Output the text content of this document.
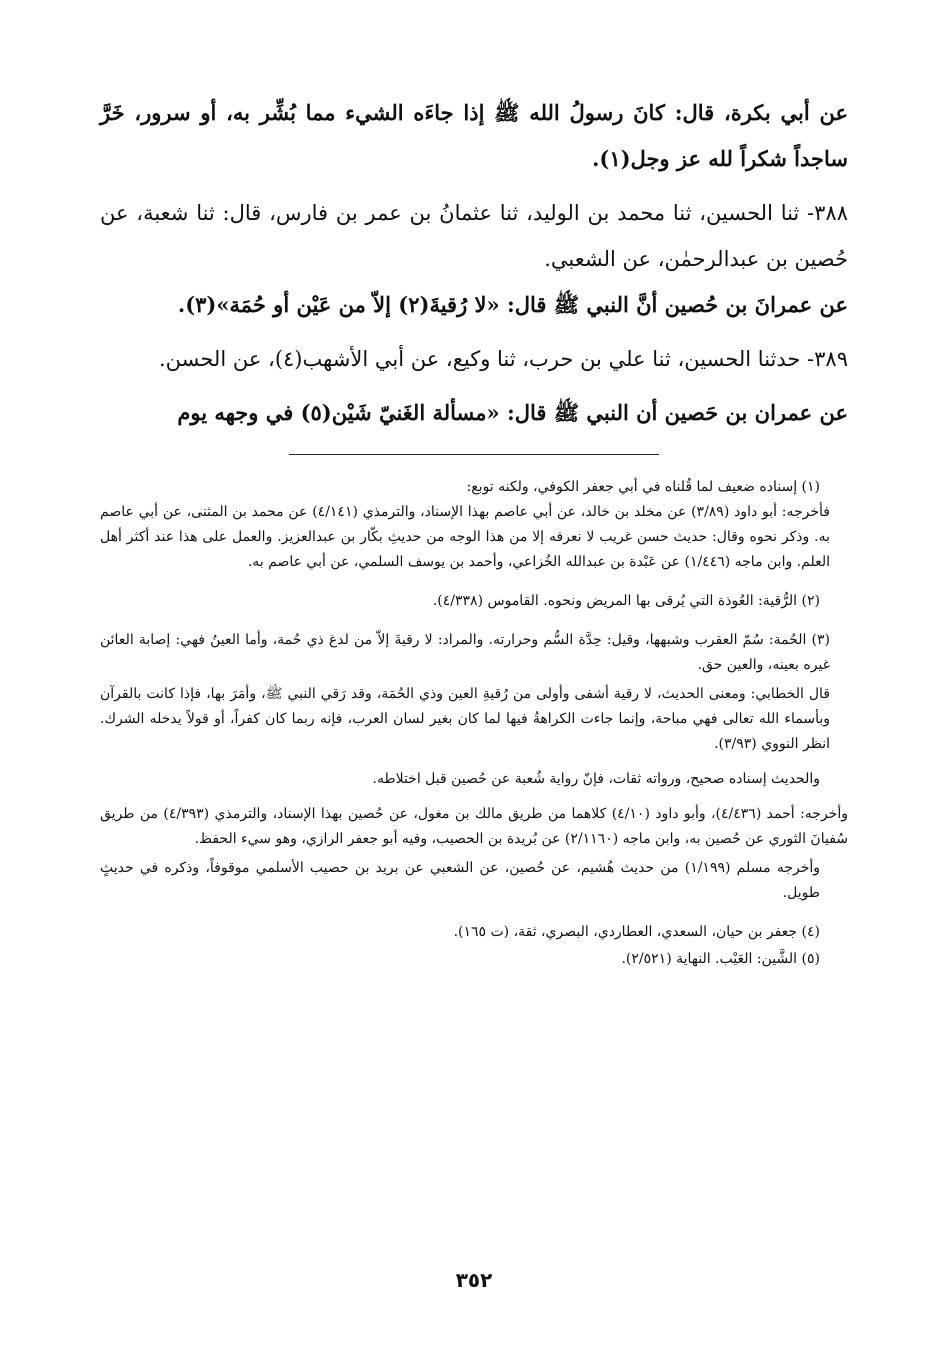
عن أبي بكرة، قال: كانَ رسولُ الله ﷺ إذا جاءَه الشيء مما بُشِّر به، أو سرور، خَرَّ ساجداً شكراً لله عز وجل(١).

٣٨٨- ثنا الحسين، ثنا محمد بن الوليد، ثنا عثمانُ بن عمر بن فارس، قال: ثنا شعبة، عن حُصين بن عبدالرحمٰن، عن الشعبي.

عن عمرانَ بن حُصين أنَّ النبي ﷺ قال: «لا رُقيةَ(٢) إلاّ من عَيْن أو حُمَة»(٣).

٣٨٩- حدثنا الحسين، ثنا علي بن حرب، ثنا وكيع، عن أبي الأشهب(٤)، عن الحسن.

عن عمران بن حَصين أن النبي ﷺ قال: «مسألة الغَنيّ شَيْن(٥) في وجهه يوم

(١) إسناده ضعيف لما قُلناه في أبي جعفر الكوفي، ولكنه توبع:

فأخرجه: أبو داود (٣/٨٩) عن مخلد بن خالد، عن أبي عاصم بهذا الإسناد، والترمذي (٤/١٤١) عن محمد بن المثنى، عن أبي عاصم به. وذكر نحوه وقال: حديث حسن غريب لا نعرفه إلا من هذا الوجه من حديثِ بكّار بن عبدالعزيز. والعمل على هذا عند أكثر أهل العلم. وابن ماجه (١/٤٤٦) عن عَبْدة بن عبدالله الخُزاعي، وأحمد بن يوسف السلمي، عن أبي عاصم به.

(٢) الرُّقية: العُوذة التي يُرقى بها المريض ونحوه. القاموس (٤/٣٣٨).

(٣) الحُمة: سُمّ العقرب وشبهها، وقيل: حِدَّة السُّم وحرارته. والمراد: لا رقيةَ إلاّ من لدغ ذي حُمة، وأما العينُ فهي: إصابة العائن غيره بعينه، والعين حق.

قال الخطابي: ومعنى الحديث، لا رقية أشفى وأولى من رُقيةِ العين وذي الحُمَة، وقد رَقي النبي ﷺ، وأمَرَ بها، فإذا كانت بالقرآن وبأسماء الله تعالى فهي مباحة، وإنما جاءت الكراهةُ فيها لما كان بغير لسان العرب، فإنه ربما كان كفراً، أو قولاً يدخله الشرك. انظر النووي (٣/٩٣).

والحديث إسناده صحيح، ورواته ثقات، فإنّ رواية شُعبة عن حُصين قبل اختلاطه.

وأخرجه: أحمد (٤/٤٣٦)، وأبو داود (٤/١٠) كلاهما من طريق مالك بن مغول، عن حُصين بهذا الإسناد، والترمذي (٤/٣٩٣) من طريق سُفيانَ الثوري عن حُصين به، وابن ماجه (٢/١١٦٠) عن بُريدة بن الحصيب، وفيه أبو جعفر الرازي، وهو سيء الحفظ.

وأخرجه مسلم (١/١٩٩) من حديث هُشيم، عن حُصين، عن الشعبي عن بريد بن حصيب الأسلمي موقوفاً، وذكره في حديثٍ طويل.

(٤) جعفر بن حيان، السعدي، العطاردي، البصري، ثقة، (ت ١٦٥).

(٥) الشَّين: العَيْب. النهاية (٢/٥٢١).

٣٥٢
